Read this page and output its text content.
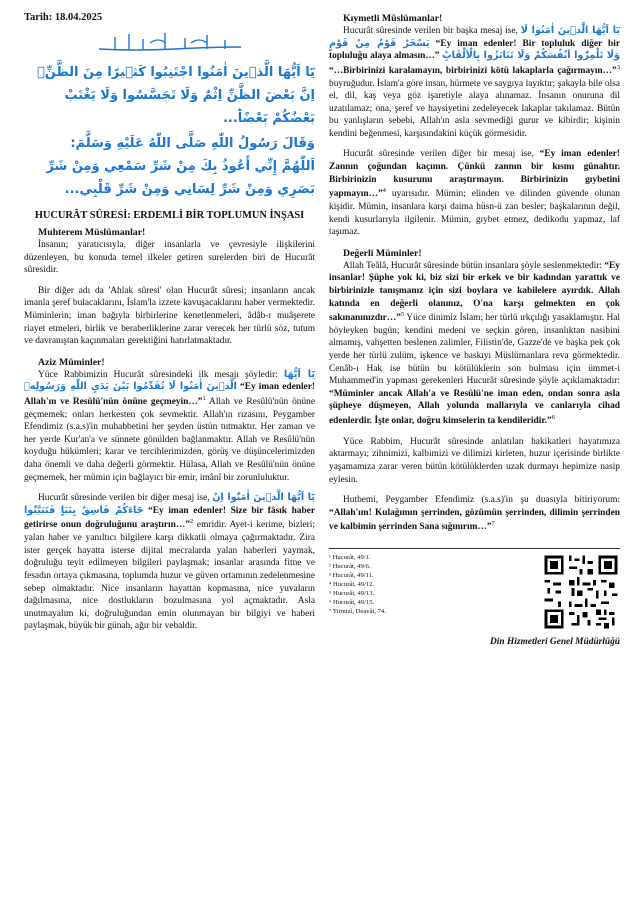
Tarih: 18.04.2025
يَٓا اَيُّهَا الَّذٖينَ اٰمَنُوا اجْتَنِبُوا كَثٖيرًا مِنَ الظَّنِّۘ اِنَّ بَعْضَ الظَّنِّ اِثْمٌ وَلَا تَجَسَّسُوا وَلَا يَغْتَبْ بَعْضُكُمْ بَعْضًاؕ...
وَقَالَ رَسُولُ اللّٰهِ صَلَّى اللّٰهُ عَلَيْهِ وَسَلَّمَ:
اَللّٰهُمَّ إِنِّي أَعُوذُ بِكَ مِنْ شَرِّ سَمْعِي وَمِنْ شَرِّ بَصَرِي وَمِنْ شَرِّ لِسَانِي وَمِنْ شَرِّ قَلْبِي...
HUCURÂT SÛRESİ: ERDEMLİ BİR TOPLUMUN İNŞASI
Muhterem Müslümanlar!

İnsanın; yaratıcısıyla, diğer insanlarla ve çevresiyle ilişkilerini düzenleyen, bu konuda temel ilkeler getiren surelerden biri de Hucurât sûresidir.

Bir diğer adı da 'Ahlak sûresi' olan Hucurât sûresi; insanların ancak imanla şeref bulacaklarını, İslam'la izzete kavuşacaklarını haber vermektedir. Müminlerin; iman bağıyla birbirlerine kenetlenmeleri, âdâb-ı muâşerete riayet etmeleri, birlik ve beraberliklerine zarar verecek her türlü söz, tutum ve davranıştan kaçınmaları gerektiğini hatırlatmaktadır.

Aziz Müminler!

Yüce Rabbimizin Hucurât sûresindeki ilk mesajı şöyledir: يَٓا اَيُّهَا الَّذٖينَ اٰمَنُوا لَا تُقَدِّمُوا بَيْنَ يَدَيِ اللّٰهِ وَرَسُولِهٖ “Ey iman edenler! Allah'ın ve Resûlü'nün önüne geçmeyin…”$^1$ Allah ve Resûlü'nün önüne geçmemek; onları herkesten çok sevmektir. Allah'ın rızasını, Peygamber Efendimiz (s.a.s)'in muhabbetini her şeyden üstün tutmaktır. Her zaman ve her yerde Kur'an'a ve sünnete gönülden bağlanmaktır. Allah ve Resûlü'nün koyduğu hükümleri; karar ve tercihlerimizden, görüş ve düşüncelerimizden daha önemli ve daha değerli görmektir. Hülasa, Allah ve Resûlü'nün önüne geçmemek, her mümin için bağlayıcı bir emir, imânî bir zorunluluktur.

Hucurât sûresinde verilen bir diğer mesaj ise, يَٓا اَيُّهَا الَّذٖينَ اٰمَنُٓوا اِنْ جَٓاءَكُمْ فَاسِقٌ بِنَبَاٍ فَتَبَيَّنُٓوا “Ey iman edenler! Size bir fâsık haber getirirse onun doğruluğunu araştırın…”$^2$ emridir. Ayet-i kerime, bizleri; yalan haber ve yanıltıcı bilgilere karşı dikkatli olmaya çağırmaktadır. Zira ister gerçek hayatta isterse dijital mecralarda yalan haberleri yaymak, doğruluğu teyit edilmeyen bilgileri paylaşmak; insanlar arasında fitne ve fesadın ortaya çıkmasına, toplumda huzur ve güven ortamının zedelenmesine sebep olmaktadır. Nice insanların hayattan kopmasına, nice yuvaların dağılmasına, nice dostlukların bozulmasına yol açmaktadır. Asla unutmayalım ki, doğruluğundan emin olunmayan bir bilgiyi ve haberi paylaşmak, büyük bir günah, ağır bir vebaldir.

Kıymetli Müslümanlar!

Hucurât sûresinde verilen bir başka mesaj ise, يَٓا اَيُّهَا الَّذٖينَ اٰمَنُوا لَا يَسْخَرْ قَوْمٌ مِنْ قَوْمٍ “Ey iman edenler! Bir topluluk diğer bir topluluğu alaya almasın…” وَلَا تَلْمِزُٓوا اَنْفُسَكُمْ وَلَا تَنَابَزُوا بِالْاَلْقَابِؕ “…Birbirinizi karalamayın, birbirinizi kötü lakaplarla çağırmayın…”$^3$ buyruğudur. İslam'a göre insan, hürmete ve saygıya layıktır; şakayla bile olsa el, dil, kaş veya göz işaretiyle alaya alınamaz. İnsanın onuruna dil uzatılamaz; ona, şeref ve haysiyetini zedeleyecek lakaplar takılamaz. Bütün bu yanlışların sebebi, Allah'ın asla sevmediği gurur ve kibirdir; kişinin kendini beğenmesi, karşısındakini küçük görmesidir.

Hucurât sûresinde verilen diğer bir mesaj ise, “Ey iman edenler! Zannın çoğundan kaçının. Çünkü zannın bir kısmı günahtır. Birbirinizin kusurunu araştırmayın. Birbirinizin gıybetini yapmayın…”$^4$ uyarısıdır. Mümin; elinden ve dilinden güvende olunan kişidir. Mümin, insanlara karşı daima hüsn-ü zan besler; başkalarının değil, kendi kusurlarıyla ilgilenir. Mümin, gıybet etmez, dedikodu yapmaz, laf taşımaz.

Değerli Müminler!

Allah Teâlâ, Hucurât sûresinde bütün insanlara şöyle seslenmektedir: “Ey insanlar! Şüphe yok ki, biz sizi bir erkek ve bir kadından yarattık ve birbirinizle tanışmanız için sizi boylara ve kabilelere ayırdık. Allah katında en değerli olanınız, O'na karşı gelmekten en çok sakınanınızdır…”$^5$ Yüce dinimiz İslam; her türlü ırkçılığı yasaklamıştır. Hal böyleyken bugün; kendini medeni ve seçkin gören, insanlıktan nasibini almamış, vahşetten beslenen zalimler, Filistin'de, Gazze'de ve başka pek çok yerde her türlü zulüm, işkence ve baskıyı Müslümanlara reva görmektedir. Cenâb-ı Hak ise bütün bu kötülüklerin son bulması için ümmet-i Muhammed'in yapması gerekenleri Hucurât sûresinde şöyle açıklamaktadır: “Müminler ancak Allah'a ve Resûlü'ne iman eden, ondan sonra asla şüpheye düşmeyen, Allah yolunda mallarıyla ve canlarıyla cihad edenlerdir. İşte onlar, doğru kimselerin ta kendileridir.”$^6$

Yüce Rabbim, Hucurât sûresinde anlatılan hakikatleri hayatımıza aktarmayı; zihnimizi, kalbimizi ve dilimizi kirleten, huzur içerisinde birlikte yaşamamıza zarar veren bütün kötülüklerden uzak durmayı hepimize nasip eylesin.

Hutbemi, Peygamber Efendimiz (s.a.s)'in şu duasıyla bitiriyorum: “Allah'ım! Kulağımın şerrinden, gözümün şerrinden, dilimin şerrinden ve kalbimin şerrinden Sana sığınırım…”$^7$

¹ Hucurât, 49/1.
² Hucurât, 49/6.
³ Hucurât, 49/11.
⁴ Hucurât, 49/12.
⁵ Hucurât, 49/13.
⁶ Hucurât, 49/15.
⁷ Tirmizî, Deavât, 74.
Din Hizmetleri Genel Müdürlüğü
